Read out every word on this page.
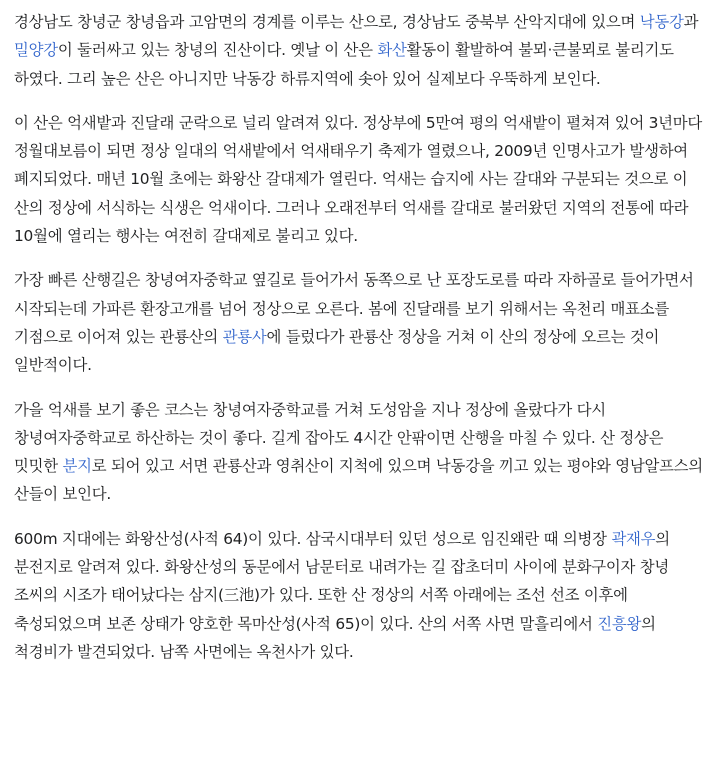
경상남도 창녕군 창녕읍과 고암면의 경계를 이루는 산으로, 경상남도 중북부 산악지대에 있으며 낙동강과 밀양강이 둘러싸고 있는 창녕의 진산이다. 옛날 이 산은 화산활동이 활발하여 불뫼·큰불뫼로 불리기도 하였다. 그리 높은 산은 아니지만 낙동강 하류지역에 솟아 있어 실제보다 우뚝하게 보인다.

이 산은 억새밭과 진달래 군락으로 널리 알려져 있다. 정상부에 5만여 평의 억새밭이 펼쳐져 있어 3년마다 정월대보름이 되면 정상 일대의 억새밭에서 억새태우기 축제가 열렸으나, 2009년 인명사고가 발생하여 폐지되었다. 매년 10월 초에는 화왕산 갈대제가 열린다. 억새는 습지에 사는 갈대와 구분되는 것으로 이 산의 정상에 서식하는 식생은 억새이다. 그러나 오래전부터 억새를 갈대로 불러왔던 지역의 전통에 따라 10월에 열리는 행사는 여전히 갈대제로 불리고 있다.

가장 빠른 산행길은 창녕여자중학교 옆길로 들어가서 동쪽으로 난 포장도로를 따라 자하골로 들어가면서 시작되는데 가파른 환장고개를 넘어 정상으로 오른다. 봄에 진달래를 보기 위해서는 옥천리 매표소를 기점으로 이어져 있는 관룡산의 관룡사에 들렀다가 관룡산 정상을 거쳐 이 산의 정상에 오르는 것이 일반적이다.

가을 억새를 보기 좋은 코스는 창녕여자중학교를 거쳐 도성암을 지나 정상에 올랐다가 다시 창녕여자중학교로 하산하는 것이 좋다. 길게 잡아도 4시간 안팎이면 산행을 마칠 수 있다. 산 정상은 밋밋한 분지로 되어 있고 서면 관룡산과 영취산이 지척에 있으며 낙동강을 끼고 있는 평야와 영남알프스의 산들이 보인다.

600m 지대에는 화왕산성(사적 64)이 있다. 삼국시대부터 있던 성으로 임진왜란 때 의병장 곽재우의 분전지로 알려져 있다. 화왕산성의 동문에서 남문터로 내려가는 길 잡초더미 사이에 분화구이자 창녕 조씨의 시조가 태어났다는 삼지(三池)가 있다. 또한 산 정상의 서쪽 아래에는 조선 선조 이후에 축성되었으며 보존 상태가 양호한 목마산성(사적 65)이 있다. 산의 서쪽 사면 말흘리에서 진흥왕의 척경비가 발견되었다. 남쪽 사면에는 옥천사가 있다.
